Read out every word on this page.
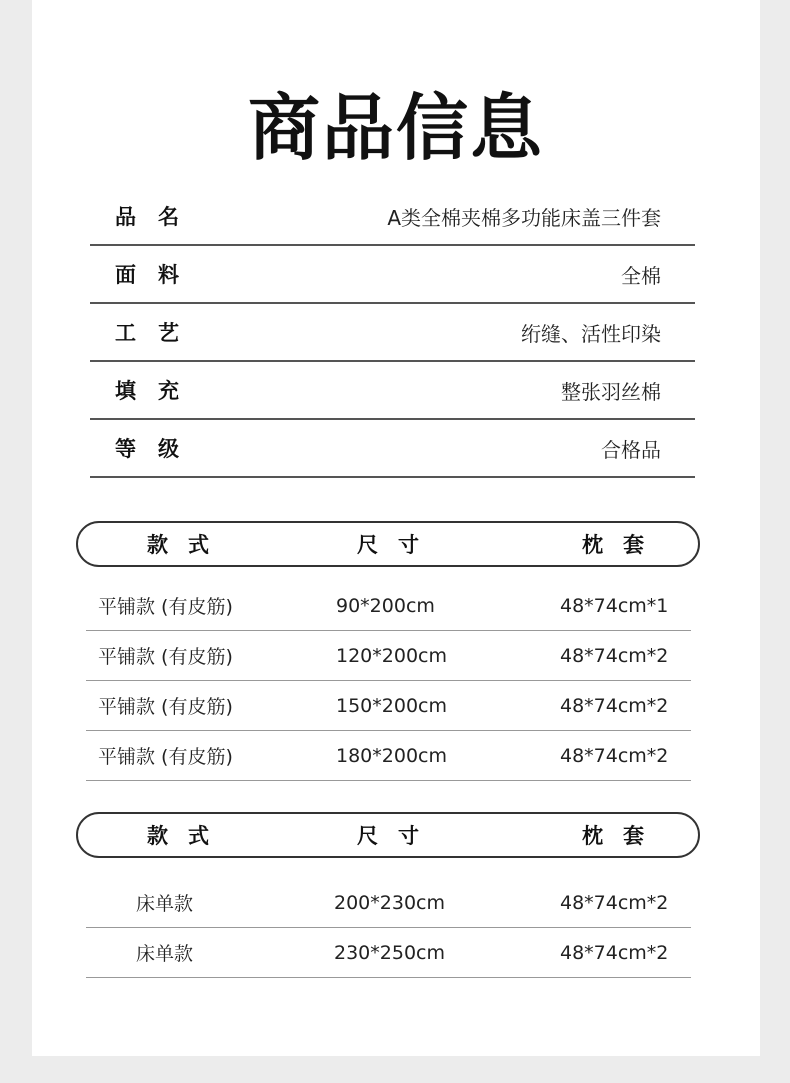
商品信息
品名	A类全棉夹棉多功能床盖三件套
面料	全棉
工艺	绗缝、活性印染
填充	整张羽丝棉
等级	合格品
款式	尺寸	枕套
平铺款 (有皮筋)	90*200cm	48*74cm*1
平铺款 (有皮筋)	120*200cm	48*74cm*2
平铺款 (有皮筋)	150*200cm	48*74cm*2
平铺款 (有皮筋)	180*200cm	48*74cm*2
款式	尺寸	枕套
床单款	200*230cm	48*74cm*2
床单款	230*250cm	48*74cm*2
